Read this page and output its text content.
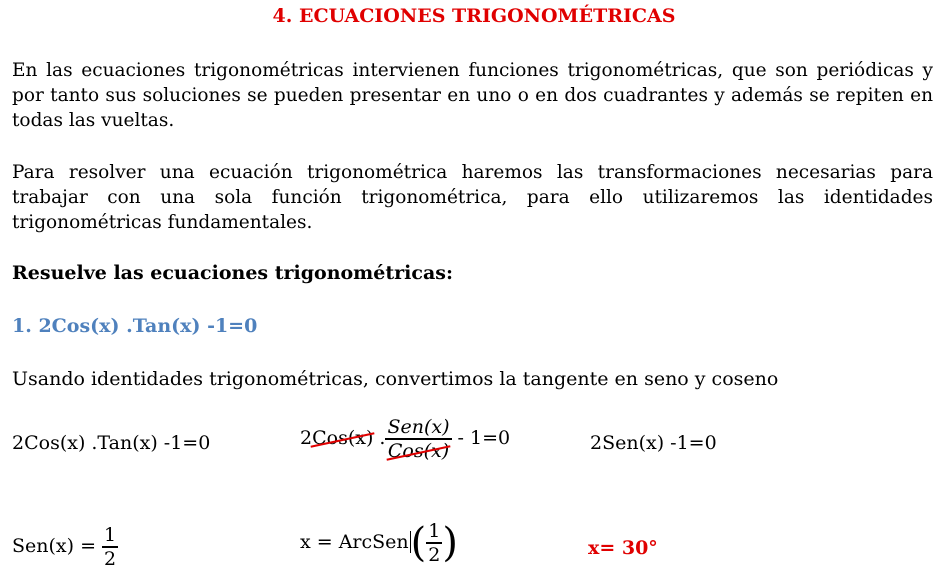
4. ECUACIONES TRIGONOMÉTRICAS
En las ecuaciones trigonométricas intervienen funciones trigonométricas, que son periódicas y por tanto sus soluciones se pueden presentar en uno o en dos cuadrantes y además se repiten en todas las vueltas.
Para resolver una ecuación trigonométrica haremos las transformaciones necesarias para trabajar con una sola función trigonométrica, para ello utilizaremos las identidades trigonométricas fundamentales.
Resuelve las ecuaciones trigonométricas:
1. 2Cos(x) .Tan(x) -1=0
Usando identidades trigonométricas, convertimos la tangente en seno y coseno
2Cos(x) .Tan(x) -1=0	2Cos(x) . $\frac{\text{Sen(x)}}{\text{Cos(x)}} - 1=0$	2Sen(x) -1=0
$Sen(x) = \frac{1}{2}$	x = ArcSen( $\frac{1}{2}$ )	x= 30°
